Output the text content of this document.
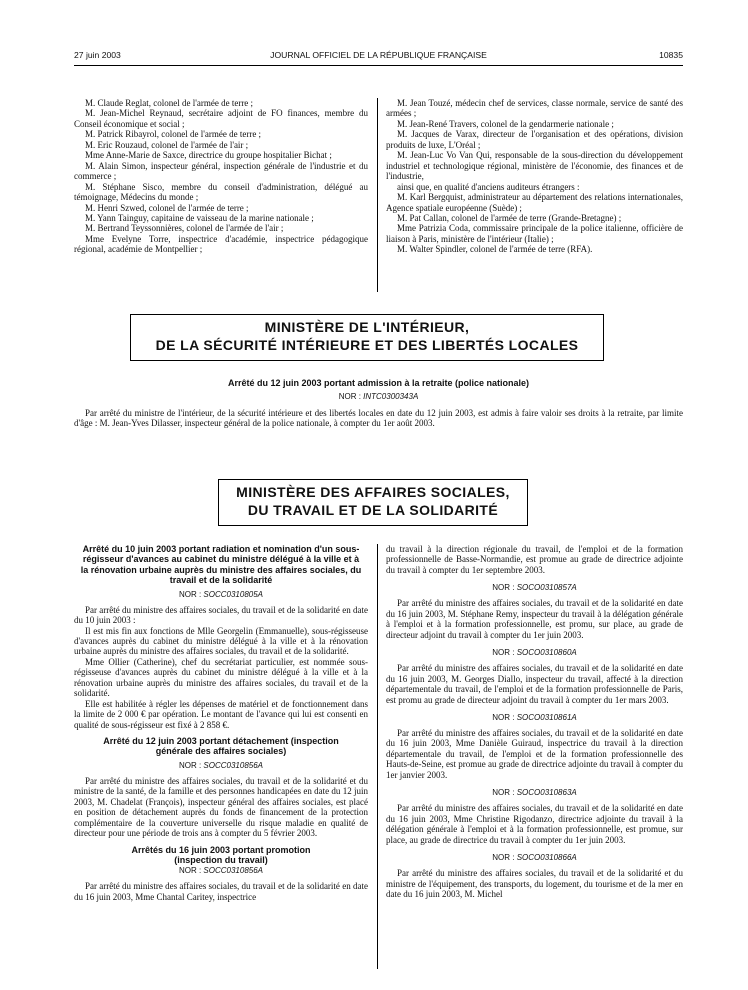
27 juin 2003	JOURNAL OFFICIEL DE LA RÉPUBLIQUE FRANÇAISE	10835

M. Claude Reglat, colonel de l'armée de terre ;

M. Jean-Michel Reynaud, secrétaire adjoint de FO finances, membre du Conseil économique et social ;

M. Patrick Ribayrol, colonel de l'armée de terre ;

M. Eric Rouzaud, colonel de l'armée de l'air ;

Mme Anne-Marie de Saxce, directrice du groupe hospitalier Bichat ;

M. Alain Simon, inspecteur général, inspection générale de l'industrie et du commerce ;

M. Stéphane Sisco, membre du conseil d'administration, délégué au témoignage, Médecins du monde ;

M. Henri Szwed, colonel de l'armée de terre ;

M. Yann Tainguy, capitaine de vaisseau de la marine nationale ;

M. Bertrand Teyssonnières, colonel de l'armée de l'air ;

Mme Evelyne Torre, inspectrice d'académie, inspectrice pédagogique régional, académie de Montpellier ;

M. Jean Touzé, médecin chef de services, classe normale, service de santé des armées ;

M. Jean-René Travers, colonel de la gendarmerie nationale ;

M. Jacques de Varax, directeur de l'organisation et des opérations, division produits de luxe, L'Oréal ;

M. Jean-Luc Vo Van Qui, responsable de la sous-direction du développement industriel et technologique régional, ministère de l'économie, des finances et de l'industrie,

ainsi que, en qualité d'anciens auditeurs étrangers :

M. Karl Bergquist, administrateur au département des relations internationales, Agence spatiale européenne (Suède) ;

M. Pat Callan, colonel de l'armée de terre (Grande-Bretagne) ;

Mme Patrizia Coda, commissaire principale de la police italienne, officière de liaison à Paris, ministère de l'intérieur (Italie) ;

M. Walter Spindler, colonel de l'armée de terre (RFA).

MINISTÈRE DE L'INTÉRIEUR,
DE LA SÉCURITÉ INTÉRIEURE ET DES LIBERTÉS LOCALES
Arrêté du 12 juin 2003 portant admission à la retraite (police nationale)
NOR : INTC0300343A

Par arrêté du ministre de l'intérieur, de la sécurité intérieure et des libertés locales en date du 12 juin 2003, est admis à faire valoir ses droits à la retraite, par limite d'âge : M. Jean-Yves Dilasser, inspecteur général de la police nationale, à compter du 1er août 2003.

MINISTÈRE DES AFFAIRES SOCIALES,
DU TRAVAIL ET DE LA SOLIDARITÉ
Arrêté du 10 juin 2003 portant radiation et nomination d'un sous-régisseur d'avances au cabinet du ministre délégué à la ville et à la rénovation urbaine auprès du ministre des affaires sociales, du travail et de la solidarité
NOR : SOCC0310805A

Par arrêté du ministre des affaires sociales, du travail et de la solidarité en date du 10 juin 2003 :

Il est mis fin aux fonctions de Mlle Georgelin (Emmanuelle), sous-régisseuse d'avances auprès du cabinet du ministre délégué à la ville et à la rénovation urbaine auprès du ministre des affaires sociales, du travail et de la solidarité.

Mme Ollier (Catherine), chef du secrétariat particulier, est nommée sous-régisseuse d'avances auprès du cabinet du ministre délégué à la ville et à la rénovation urbaine auprès du ministre des affaires sociales, du travail et de la solidarité.

Elle est habilitée à régler les dépenses de matériel et de fonctionnement dans la limite de 2 000 € par opération. Le montant de l'avance qui lui est consenti en qualité de sous-régisseur est fixé à 2 858 €.

Arrêté du 12 juin 2003 portant détachement (inspection générale des affaires sociales)
NOR : SOCC0310856A

Par arrêté du ministre des affaires sociales, du travail et de la solidarité et du ministre de la santé, de la famille et des personnes handicapées en date du 12 juin 2003, M. Chadelat (François), inspecteur général des affaires sociales, est placé en position de détachement auprès du fonds de financement de la protection complémentaire de la couverture universelle du risque maladie en qualité de directeur pour une période de trois ans à compter du 5 février 2003.

Arrêtés du 16 juin 2003 portant promotion (inspection du travail)
NOR : SOCC0310856A

Par arrêté du ministre des affaires sociales, du travail et de la solidarité en date du 16 juin 2003, Mme Chantal Caritey, inspectrice

du travail à la direction régionale du travail, de l'emploi et de la formation professionnelle de Basse-Normandie, est promue au grade de directrice adjointe du travail à compter du 1er septembre 2003.

NOR : SOCO0310857A

Par arrêté du ministre des affaires sociales, du travail et de la solidarité en date du 16 juin 2003, M. Stéphane Remy, inspecteur du travail à la délégation générale à l'emploi et à la formation professionnelle, est promu, sur place, au grade de directeur adjoint du travail à compter du 1er juin 2003.

NOR : SOCO0310860A

Par arrêté du ministre des affaires sociales, du travail et de la solidarité en date du 16 juin 2003, M. Georges Diallo, inspecteur du travail, affecté à la direction départementale du travail, de l'emploi et de la formation professionnelle de Paris, est promu au grade de directeur adjoint du travail à compter du 1er mars 2003.

NOR : SOCO0310861A

Par arrêté du ministre des affaires sociales, du travail et de la solidarité en date du 16 juin 2003, Mme Danièle Guiraud, inspectrice du travail à la direction départementale du travail, de l'emploi et de la formation professionnelle des Hauts-de-Seine, est promue au grade de directrice adjointe du travail à compter du 1er janvier 2003.

NOR : SOCO0310863A

Par arrêté du ministre des affaires sociales, du travail et de la solidarité en date du 16 juin 2003, Mme Christine Rigodanzo, directrice adjointe du travail à la délégation générale à l'emploi et à la formation professionnelle, est promue, sur place, au grade de directrice du travail à compter du 1er juin 2003.

NOR : SOCO0310866A

Par arrêté du ministre des affaires sociales, du travail et de la solidarité et du ministre de l'équipement, des transports, du logement, du tourisme et de la mer en date du 16 juin 2003, M. Michel
